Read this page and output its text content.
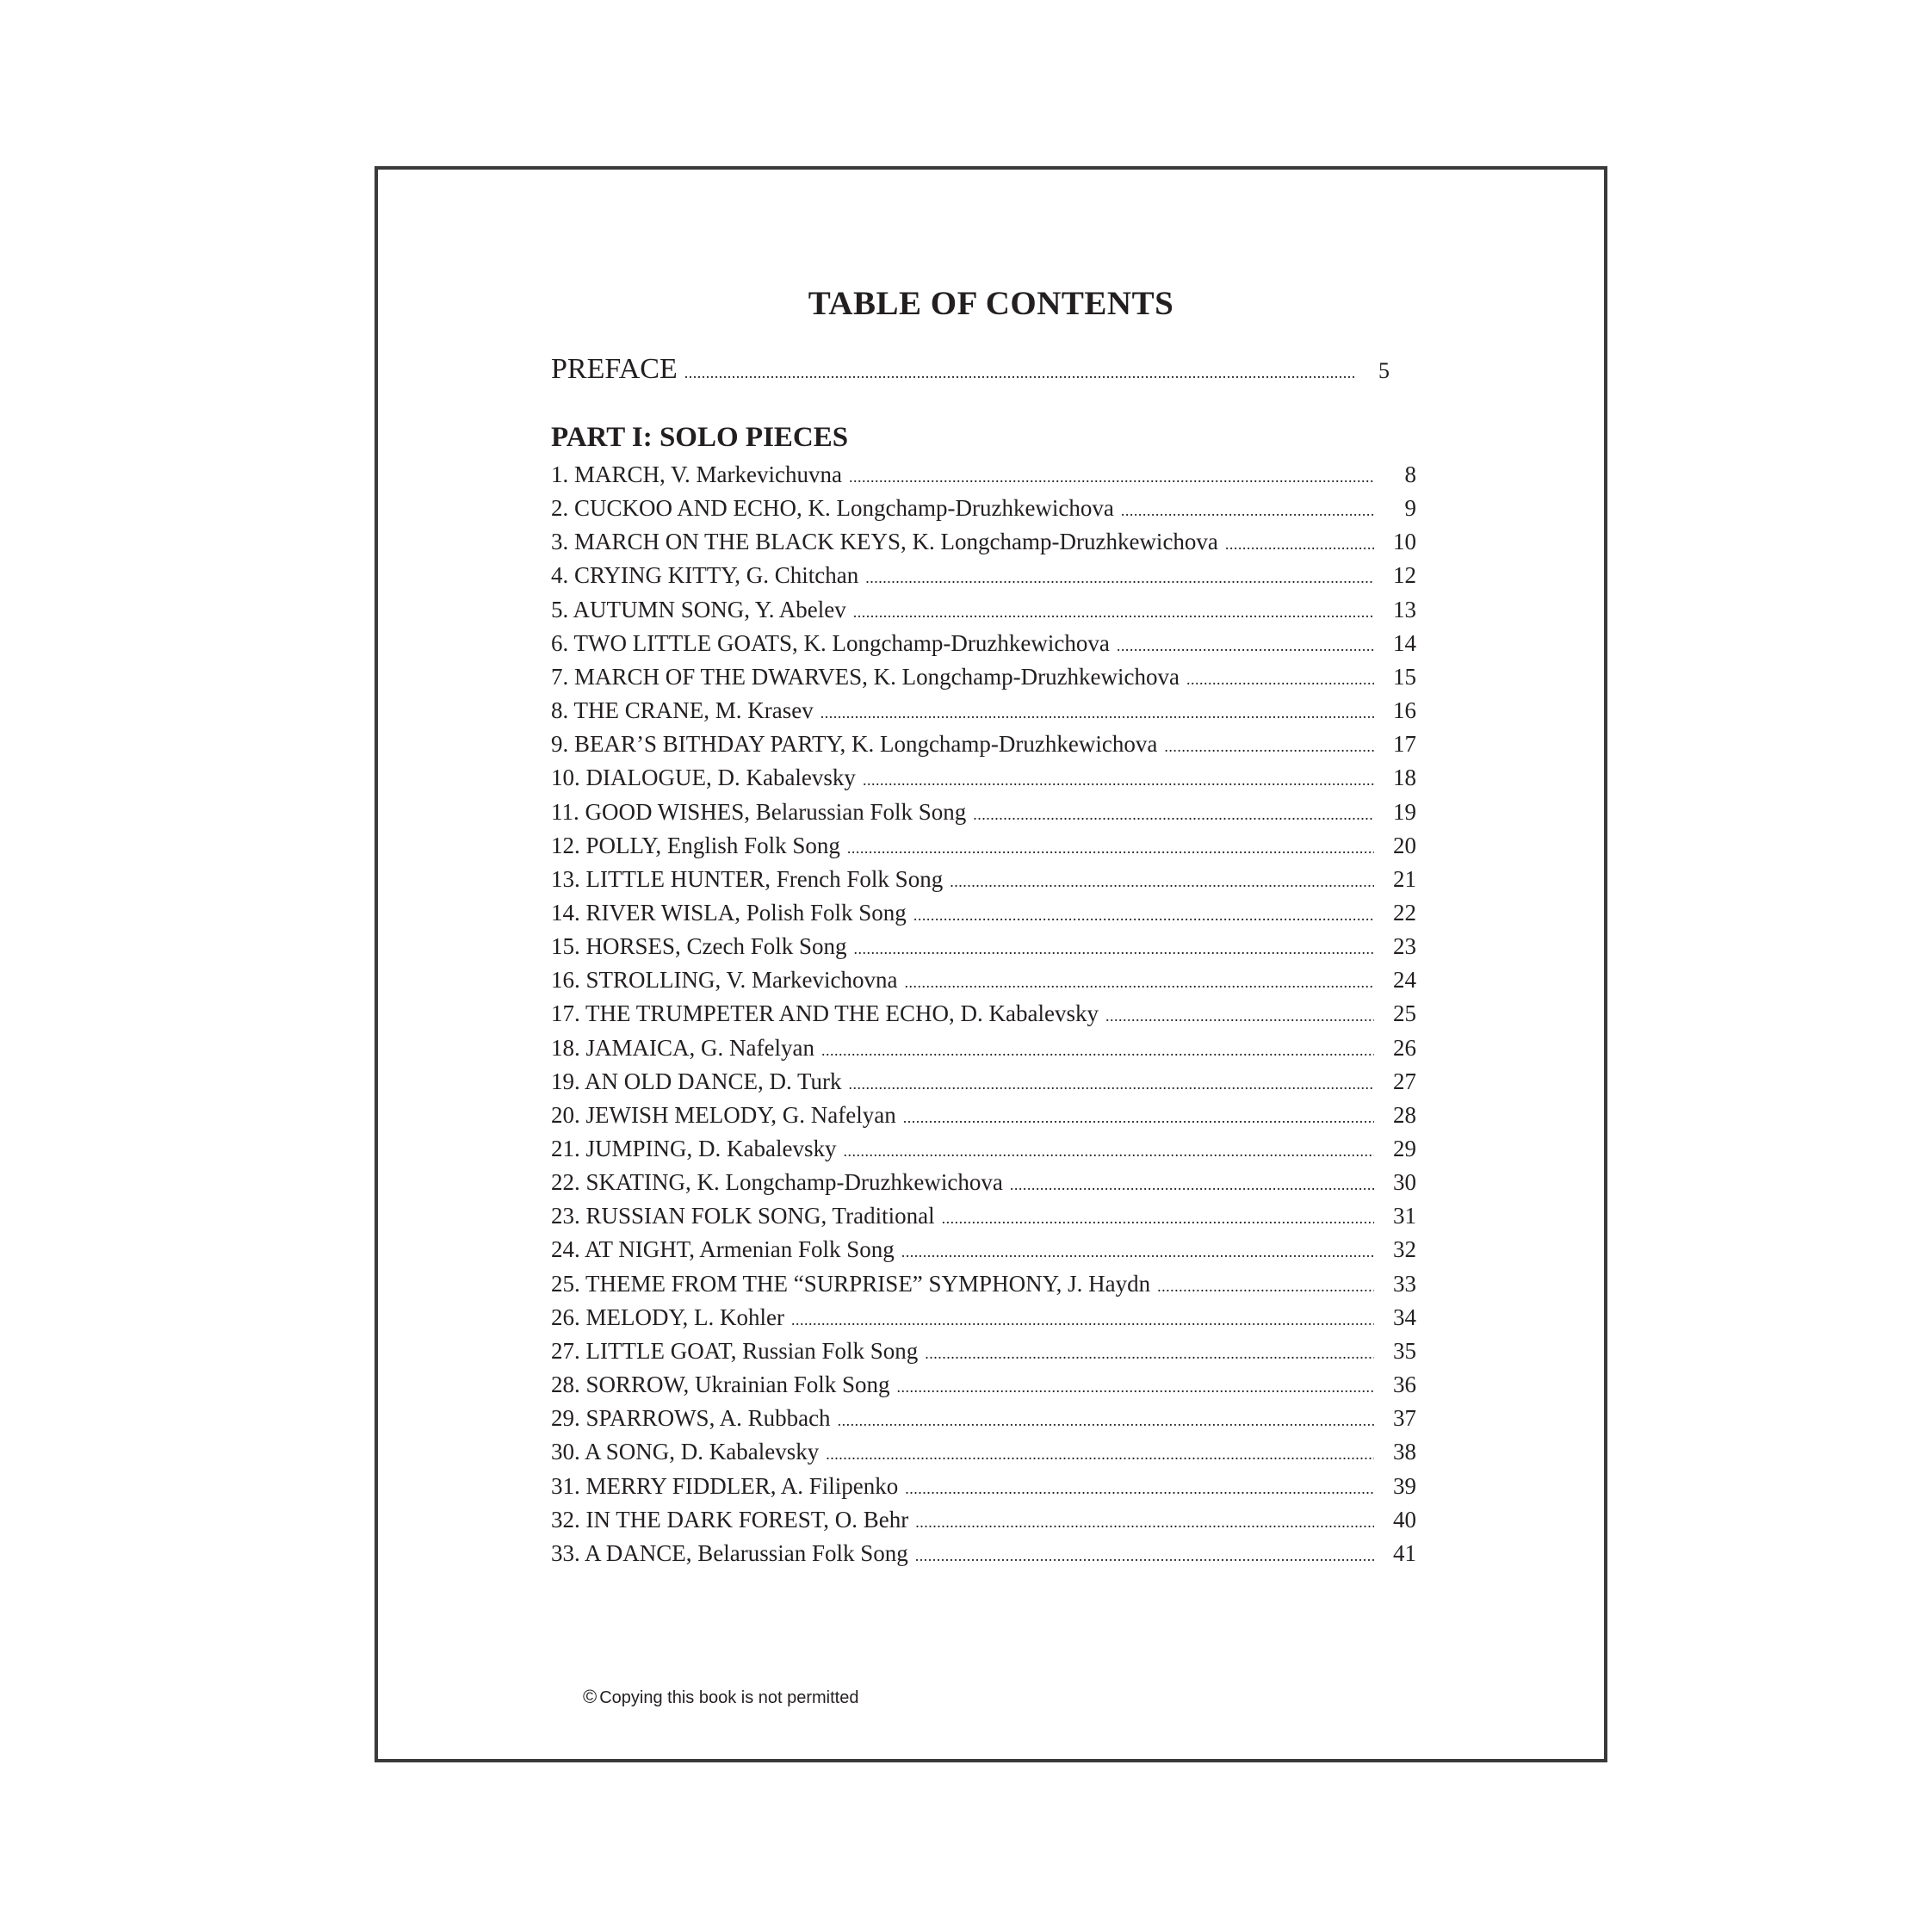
TABLE OF CONTENTS
PREFACE .....	5
PART I: SOLO PIECES
1. MARCH, V. Markevichuvna .....	8
2. CUCKOO AND ECHO, K. Longchamp-Druzhkewichova .....	9
3. MARCH ON THE BLACK KEYS, K. Longchamp-Druzhkewichova .....	10
4. CRYING KITTY, G. Chitchan .....	12
5. AUTUMN SONG, Y. Abelev .....	13
6. TWO LITTLE GOATS, K. Longchamp-Druzhkewichova .....	14
7. MARCH OF THE DWARVES, K. Longchamp-Druzhkewichova .....	15
8. THE CRANE, M. Krasev .....	16
9. BEAR’S BITHDAY PARTY, K. Longchamp-Druzhkewichova .....	17
10. DIALOGUE, D. Kabalevsky .....	18
11. GOOD WISHES, Belarussian Folk Song .....	19
12. POLLY, English Folk Song .....	20
13. LITTLE HUNTER, French Folk Song .....	21
14. RIVER WISLA, Polish Folk Song .....	22
15. HORSES, Czech Folk Song .....	23
16. STROLLING, V. Markevichovna .....	24
17. THE TRUMPETER AND THE ECHO, D. Kabalevsky .....	25
18. JAMAICA, G. Nafelyan .....	26
19. AN OLD DANCE, D. Turk .....	27
20. JEWISH MELODY, G. Nafelyan .....	28
21. JUMPING, D. Kabalevsky .....	29
22. SKATING, K. Longchamp-Druzhkewichova .....	30
23. RUSSIAN FOLK SONG, Traditional .....	31
24. AT NIGHT, Armenian Folk Song .....	32
25. THEME FROM THE “SURPRISE” SYMPHONY, J. Haydn .....	33
26. MELODY, L. Kohler .....	34
27. LITTLE GOAT, Russian Folk Song .....	35
28. SORROW, Ukrainian Folk Song .....	36
29. SPARROWS, A. Rubbach .....	37
30. A SONG, D. Kabalevsky .....	38
31. MERRY FIDDLER, A. Filipenko .....	39
32. IN THE DARK FOREST, O. Behr .....	40
33. A DANCE, Belarussian Folk Song .....	41
© Copying this book is not permitted
